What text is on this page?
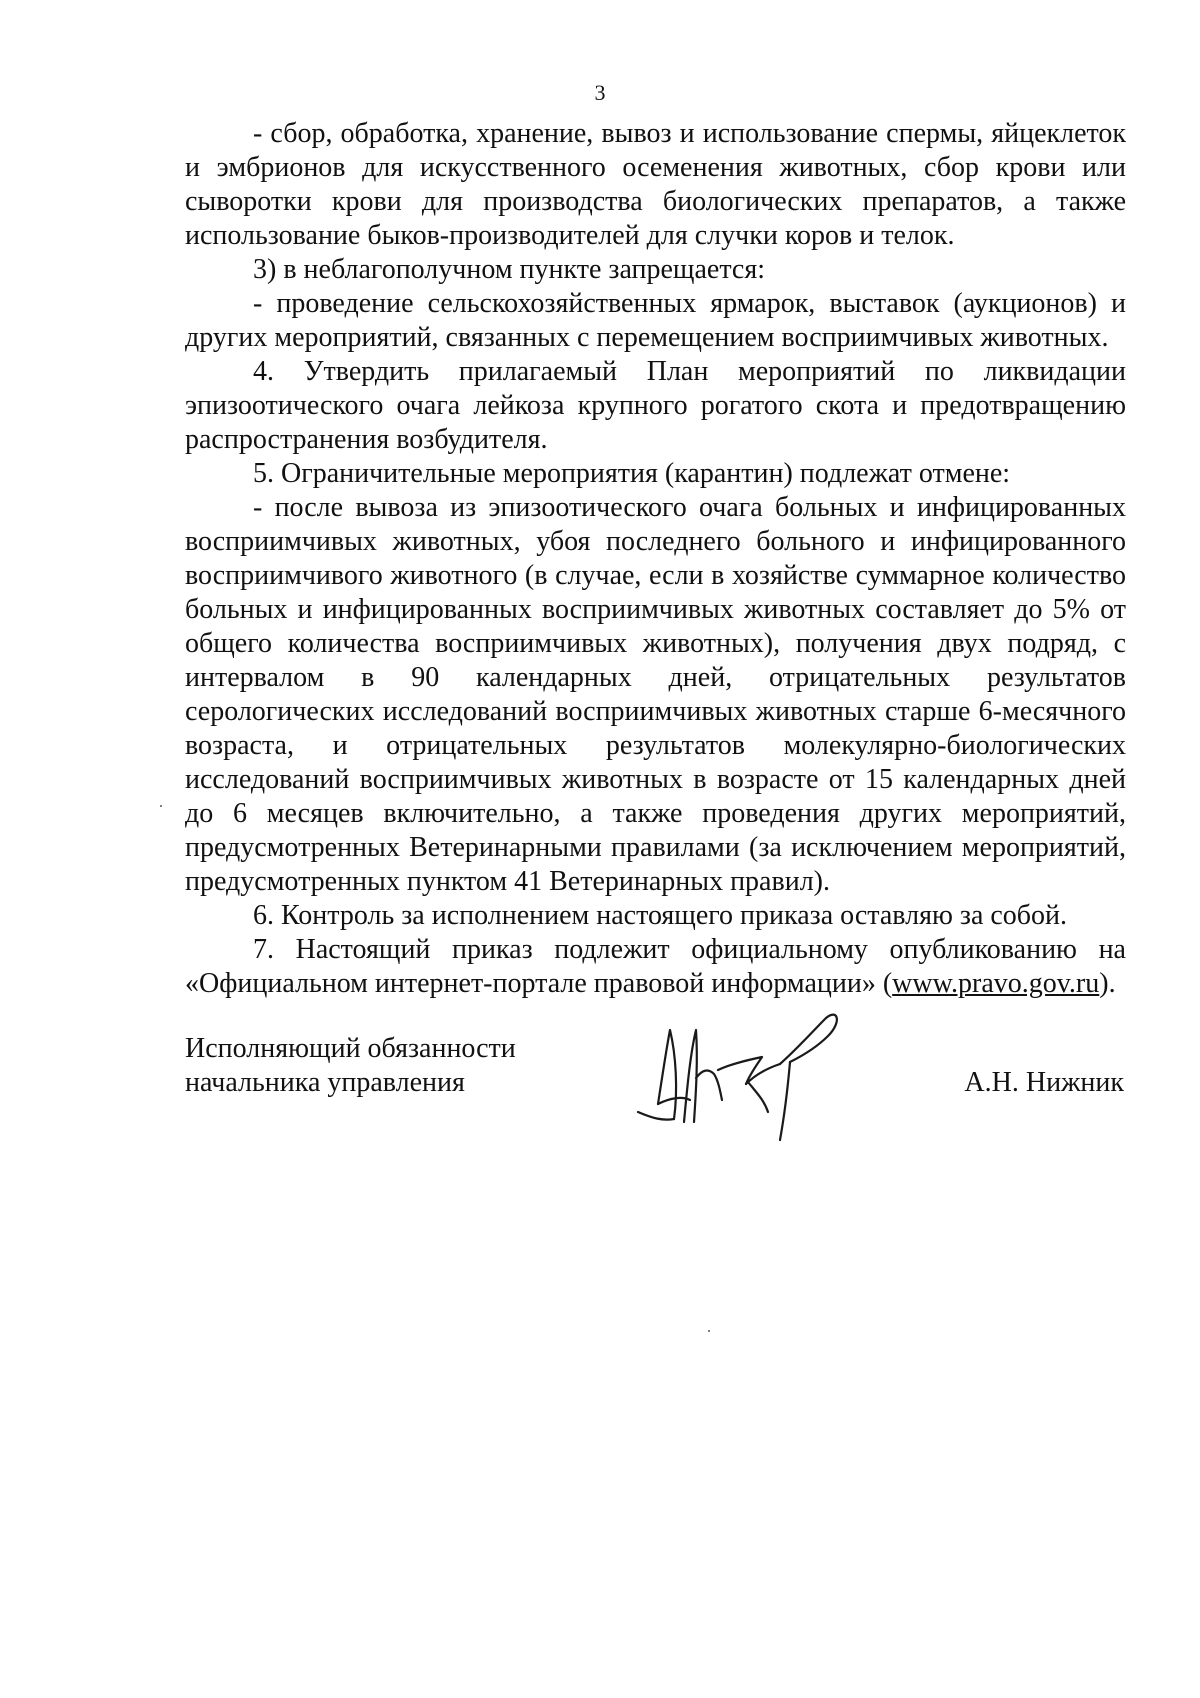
3

- сбор, обработка, хранение, вывоз и использование спермы, яйцеклеток и эмбрионов для искусственного осеменения животных, сбор крови или сыворотки крови для производства биологических препаратов, а также использование быков-производителей для случки коров и телок.

3) в неблагополучном пункте запрещается:

- проведение сельскохозяйственных ярмарок, выставок (аукционов) и других мероприятий, связанных с перемещением восприимчивых животных.

4. Утвердить прилагаемый План мероприятий по ликвидации эпизоотического очага лейкоза крупного рогатого скота и предотвращению распространения возбудителя.

5. Ограничительные мероприятия (карантин) подлежат отмене:

- после вывоза из эпизоотического очага больных и инфицированных восприимчивых животных, убоя последнего больного и инфицированного восприимчивого животного (в случае, если в хозяйстве суммарное количество больных и инфицированных восприимчивых животных составляет до 5% от общего количества восприимчивых животных), получения двух подряд, с интервалом в 90 календарных дней, отрицательных результатов серологических исследований восприимчивых животных старше 6-месячного возраста, и отрицательных результатов молекулярно-биологических исследований восприимчивых животных в возрасте от 15 календарных дней до 6 месяцев включительно, а также проведения других мероприятий, предусмотренных Ветеринарными правилами (за исключением мероприятий, предусмотренных пунктом 41 Ветеринарных правил).

6. Контроль за исполнением настоящего приказа оставляю за собой.

7. Настоящий приказ подлежит официальному опубликованию на «Официальном интернет-портале правовой информации» (www.pravo.gov.ru).

Исполняющий обязанности

начальника управления	А.Н. Нижник
